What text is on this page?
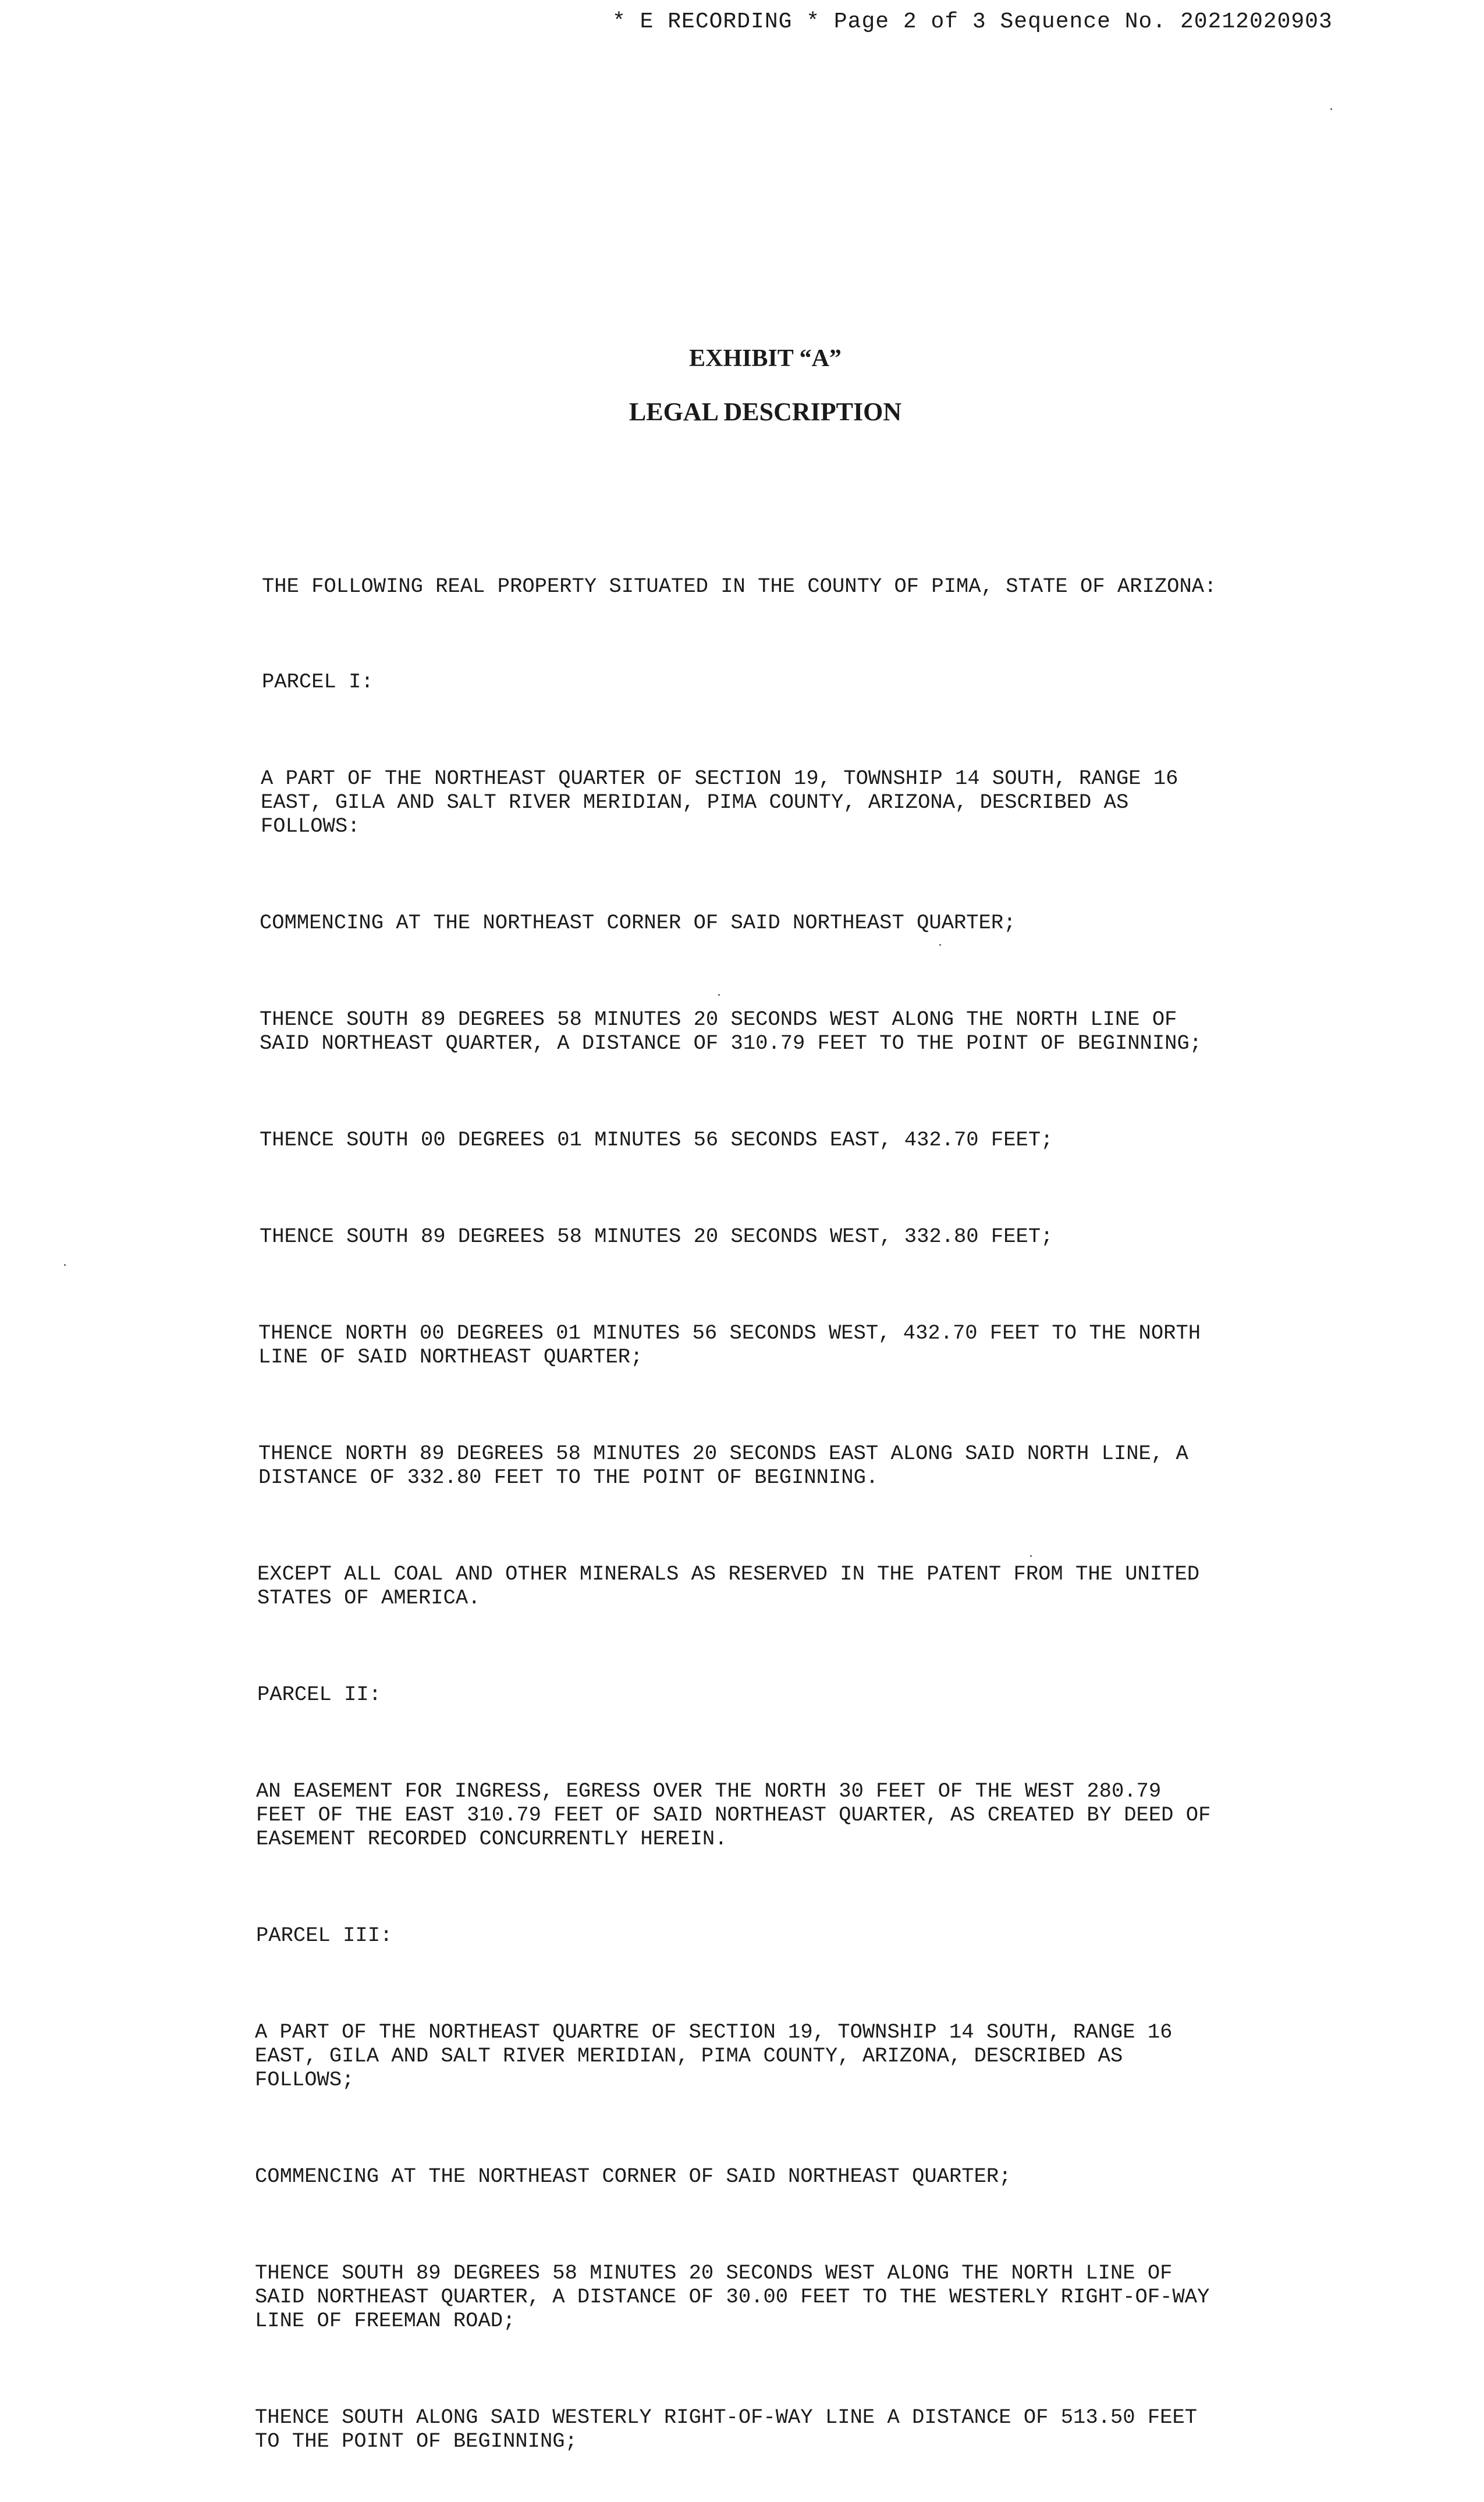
* E RECORDING * Page 2 of 3 Sequence No. 20212020903

EXHIBIT “A”

LEGAL DESCRIPTION

THE FOLLOWING REAL PROPERTY SITUATED IN THE COUNTY OF PIMA, STATE OF ARIZONA:

PARCEL I:

A PART OF THE NORTHEAST QUARTER OF SECTION 19, TOWNSHIP 14 SOUTH, RANGE 16
EAST, GILA AND SALT RIVER MERIDIAN, PIMA COUNTY, ARIZONA, DESCRIBED AS
FOLLOWS:

COMMENCING AT THE NORTHEAST CORNER OF SAID NORTHEAST QUARTER;

THENCE SOUTH 89 DEGREES 58 MINUTES 20 SECONDS WEST ALONG THE NORTH LINE OF
SAID NORTHEAST QUARTER, A DISTANCE OF 310.79 FEET TO THE POINT OF BEGINNING;

THENCE SOUTH 00 DEGREES 01 MINUTES 56 SECONDS EAST, 432.70 FEET;

THENCE SOUTH 89 DEGREES 58 MINUTES 20 SECONDS WEST, 332.80 FEET;

THENCE NORTH 00 DEGREES 01 MINUTES 56 SECONDS WEST, 432.70 FEET TO THE NORTH
LINE OF SAID NORTHEAST QUARTER;

THENCE NORTH 89 DEGREES 58 MINUTES 20 SECONDS EAST ALONG SAID NORTH LINE, A
DISTANCE OF 332.80 FEET TO THE POINT OF BEGINNING.

EXCEPT ALL COAL AND OTHER MINERALS AS RESERVED IN THE PATENT FROM THE UNITED
STATES OF AMERICA.

PARCEL II:

AN EASEMENT FOR INGRESS, EGRESS OVER THE NORTH 30 FEET OF THE WEST 280.79
FEET OF THE EAST 310.79 FEET OF SAID NORTHEAST QUARTER, AS CREATED BY DEED OF
EASEMENT RECORDED CONCURRENTLY HEREIN.

PARCEL III:

A PART OF THE NORTHEAST QUARTRE OF SECTION 19, TOWNSHIP 14 SOUTH, RANGE 16
EAST, GILA AND SALT RIVER MERIDIAN, PIMA COUNTY, ARIZONA, DESCRIBED AS
FOLLOWS;

COMMENCING AT THE NORTHEAST CORNER OF SAID NORTHEAST QUARTER;

THENCE SOUTH 89 DEGREES 58 MINUTES 20 SECONDS WEST ALONG THE NORTH LINE OF
SAID NORTHEAST QUARTER, A DISTANCE OF 30.00 FEET TO THE WESTERLY RIGHT-OF-WAY
LINE OF FREEMAN ROAD;

THENCE SOUTH ALONG SAID WESTERLY RIGHT-OF-WAY LINE A DISTANCE OF 513.50 FEET
TO THE POINT OF BEGINNING;
